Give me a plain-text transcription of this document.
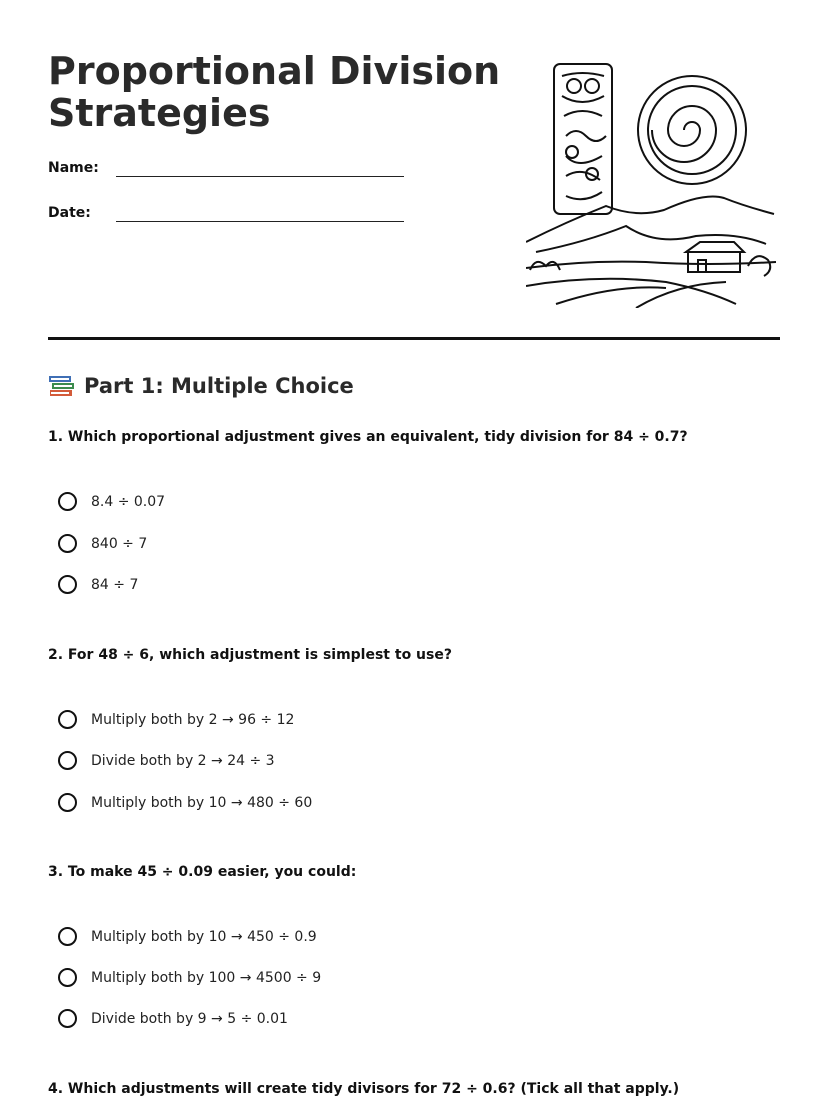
Proportional Division Strategies
Name:
Date:
Part 1: Multiple Choice
1. Which proportional adjustment gives an equivalent, tidy division for 84 ÷ 0.7?
8.4 ÷ 0.07
840 ÷ 7
84 ÷ 7
2. For 48 ÷ 6, which adjustment is simplest to use?
Multiply both by 2 → 96 ÷ 12
Divide both by 2 → 24 ÷ 3
Multiply both by 10 → 480 ÷ 60
3. To make 45 ÷ 0.09 easier, you could:
Multiply both by 10 → 450 ÷ 0.9
Multiply both by 100 → 4500 ÷ 9
Divide both by 9 → 5 ÷ 0.01
4. Which adjustments will create tidy divisors for 72 ÷ 0.6? (Tick all that apply.)
